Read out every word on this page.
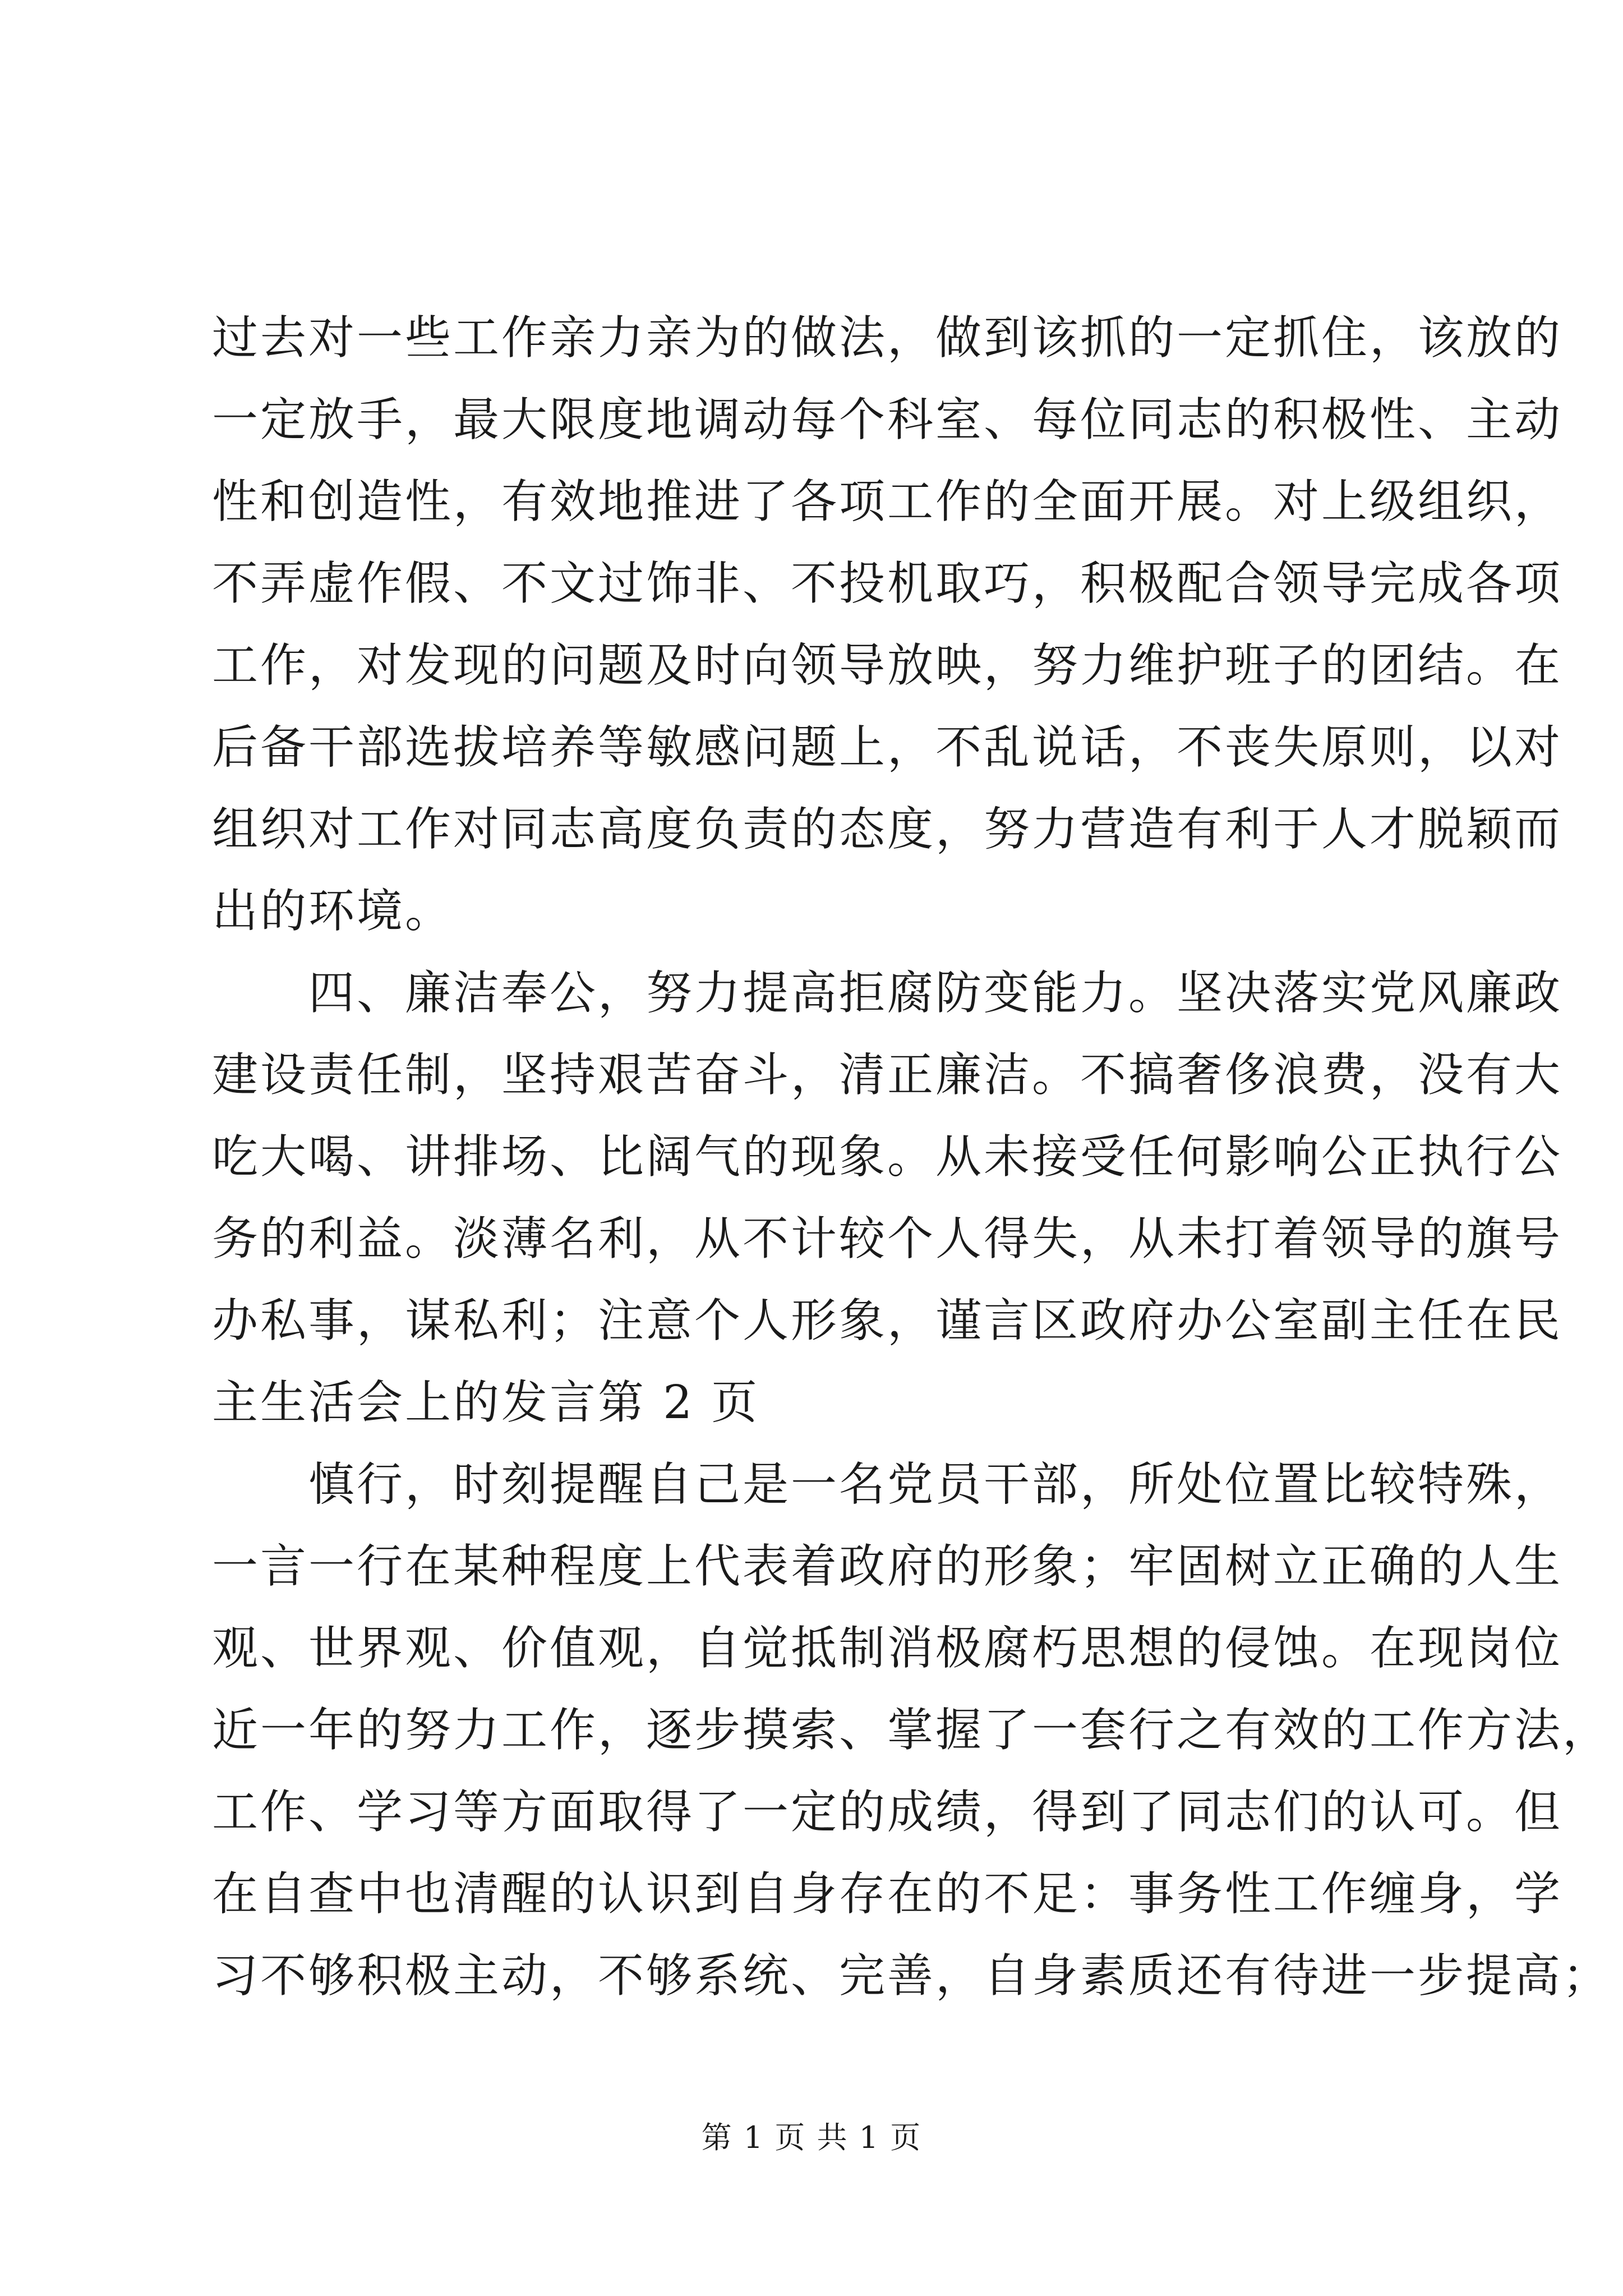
过去对一些工作亲力亲为的做法，做到该抓的一定抓住，该放的
一定放手，最大限度地调动每个科室、每位同志的积极性、主动
性和创造性，有效地推进了各项工作的全面开展。对上级组织，
不弄虚作假、不文过饰非、不投机取巧，积极配合领导完成各项
工作，对发现的问题及时向领导放映，努力维护班子的团结。在
后备干部选拔培养等敏感问题上，不乱说话，不丧失原则，以对
组织对工作对同志高度负责的态度，努力营造有利于人才脱颖而
出的环境。
　　四、廉洁奉公，努力提高拒腐防变能力。坚决落实党风廉政
建设责任制，坚持艰苦奋斗，清正廉洁。不搞奢侈浪费，没有大
吃大喝、讲排场、比阔气的现象。从未接受任何影响公正执行公
务的利益。淡薄名利，从不计较个人得失，从未打着领导的旗号
办私事，谋私利；注意个人形象，谨言区政府办公室副主任在民
主生活会上的发言第 2 页
　　慎行，时刻提醒自己是一名党员干部，所处位置比较特殊，
一言一行在某种程度上代表着政府的形象；牢固树立正确的人生
观、世界观、价值观，自觉抵制消极腐朽思想的侵蚀。在现岗位
近一年的努力工作，逐步摸索、掌握了一套行之有效的工作方法，
工作、学习等方面取得了一定的成绩，得到了同志们的认可。但
在自查中也清醒的认识到自身存在的不足：事务性工作缠身，学
习不够积极主动，不够系统、完善，自身素质还有待进一步提高；
第 1 页 共 1 页
